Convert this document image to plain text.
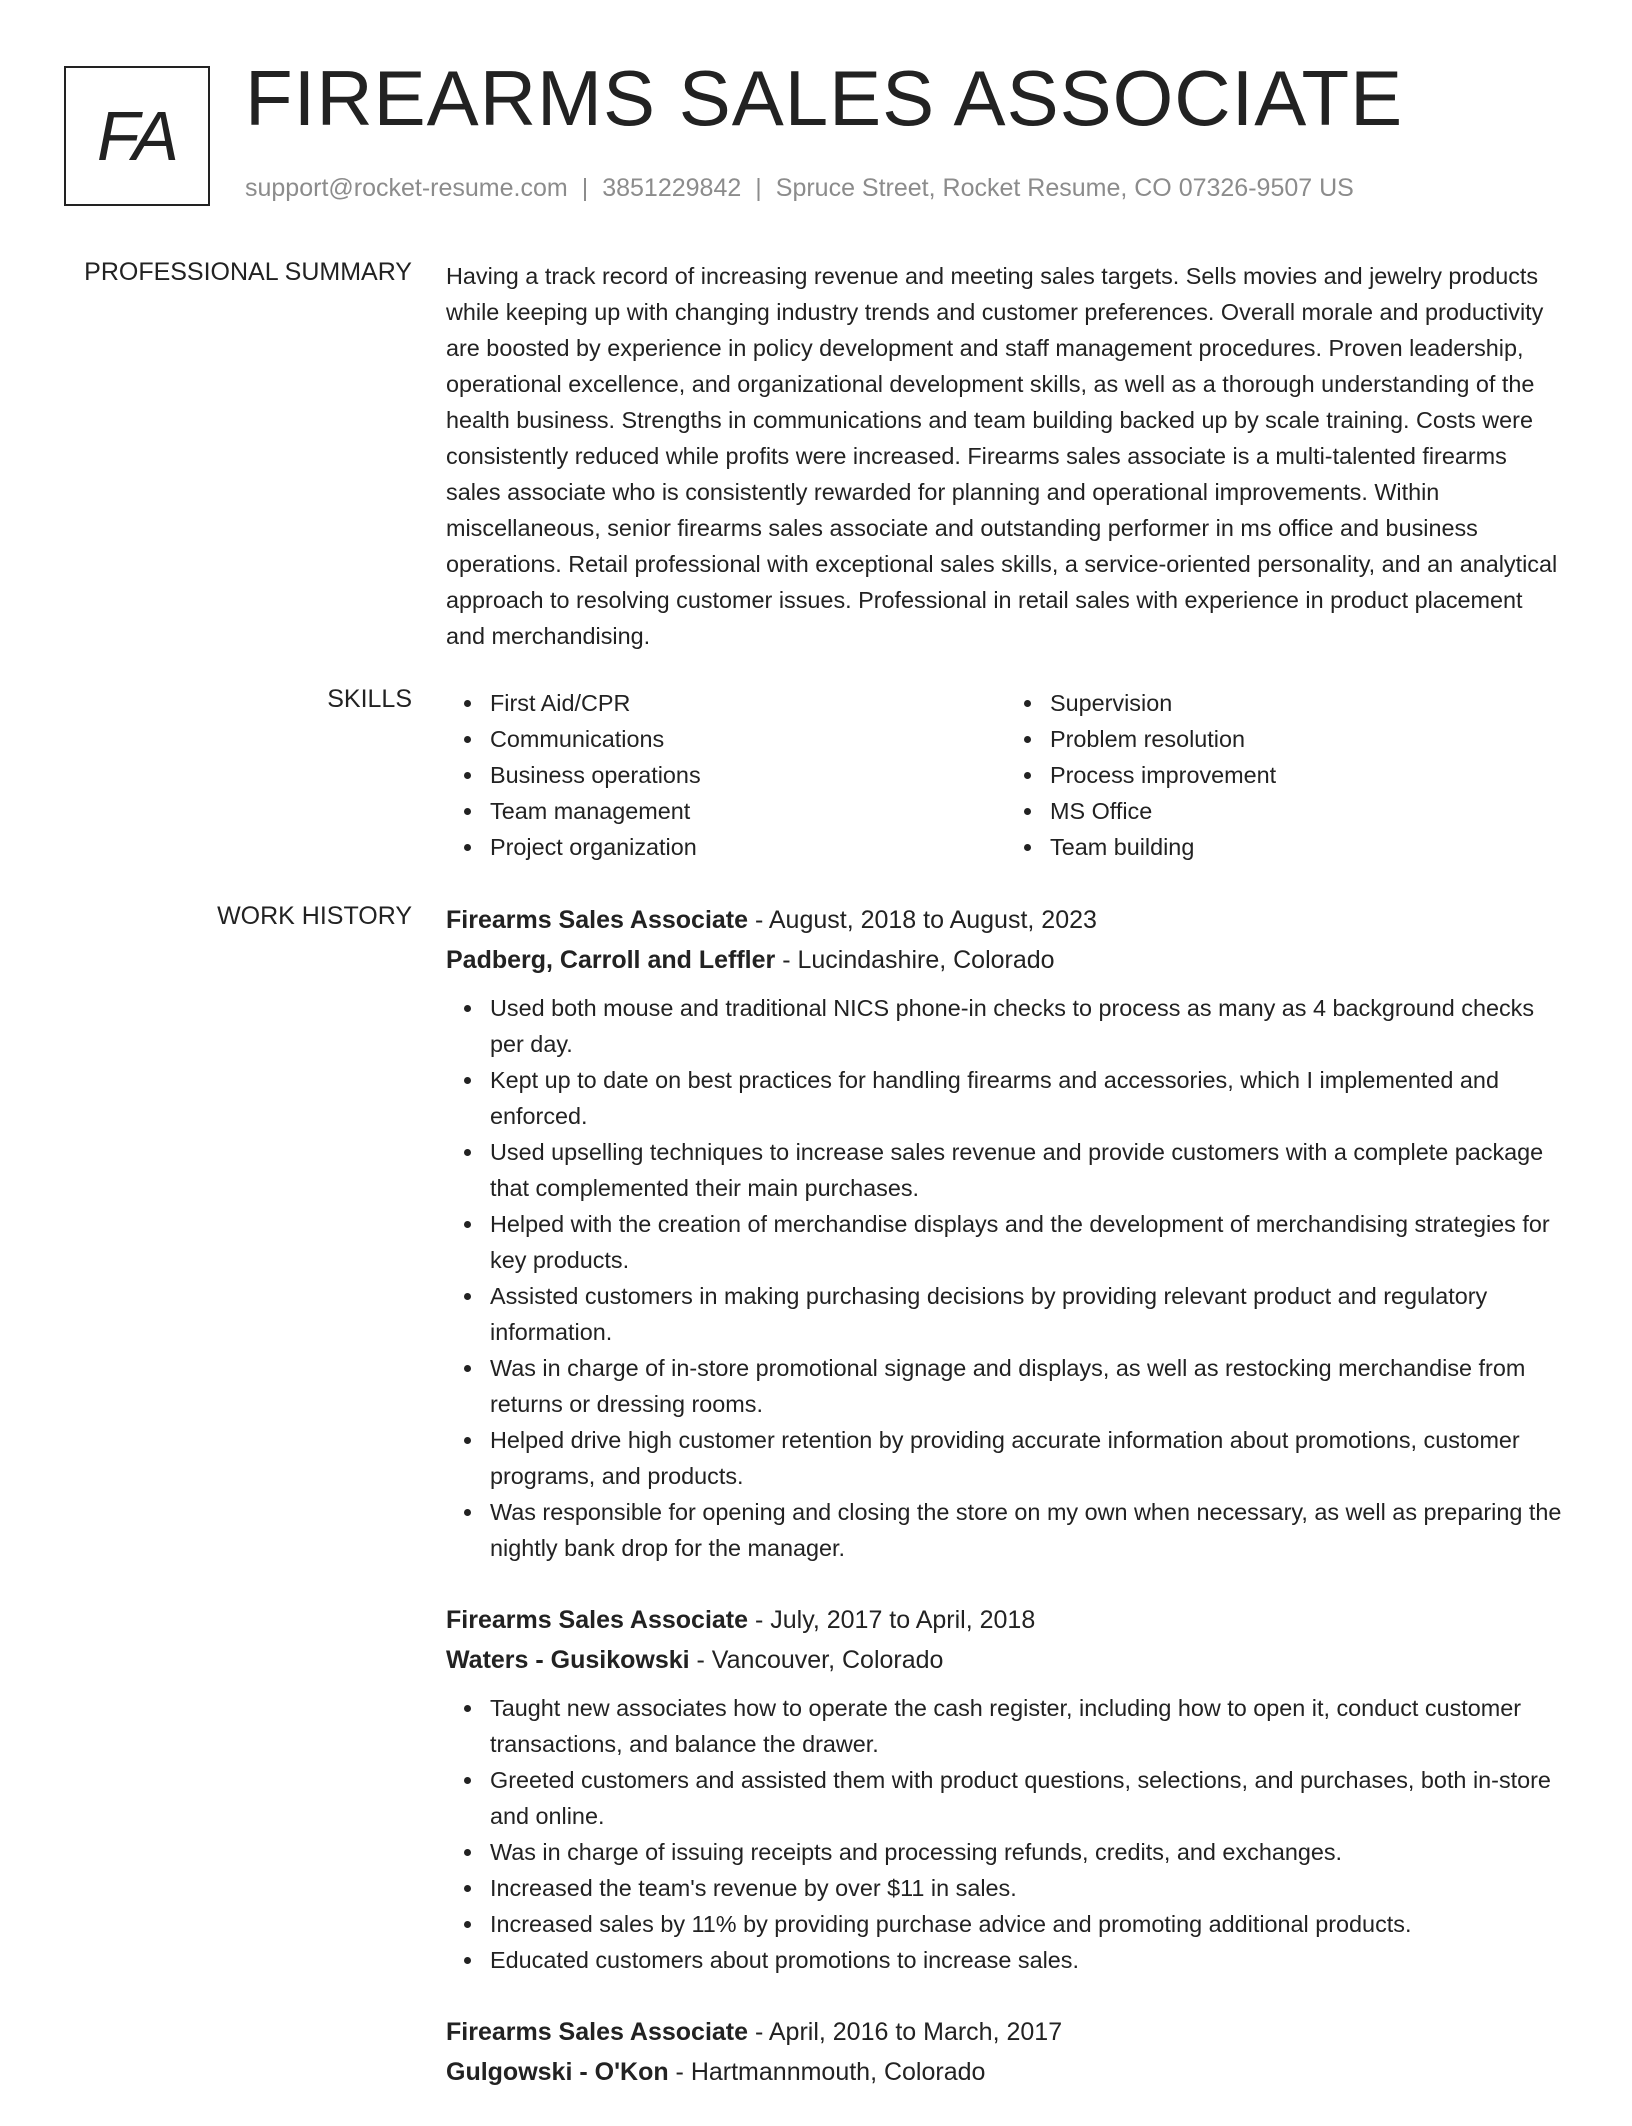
FA FIREARMS SALES ASSOCIATE
support@rocket-resume.com | 3851229842 | Spruce Street, Rocket Resume, CO 07326-9507 US
PROFESSIONAL SUMMARY Having a track record of increasing revenue and meeting sales targets. Sells movies and jewelry products while keeping up with changing industry trends and customer preferences. Overall morale and productivity are boosted by experience in policy development and staff management procedures. Proven leadership, operational excellence, and organizational development skills, as well as a thorough understanding of the health business. Strengths in communications and team building backed up by scale training. Costs were consistently reduced while profits were increased. Firearms sales associate is a multi-talented firearms sales associate who is consistently rewarded for planning and operational improvements. Within miscellaneous, senior firearms sales associate and outstanding performer in ms office and business operations. Retail professional with exceptional sales skills, a service-oriented personality, and an analytical approach to resolving customer issues. Professional in retail sales with experience in product placement and merchandising.

SKILLS	First Aid/CPR
Communications
Business operations
Team management
Project organization
Supervision
Problem resolution
Process improvement
MS Office
Team building
WORK HISTORY Firearms Sales Associate - August, 2018 to August, 2023
Padberg, Carroll and Leffler - Lucindashire, Colorado
Used both mouse and traditional NICS phone-in checks to process as many as 4 background checks per day.
Kept up to date on best practices for handling firearms and accessories, which I implemented and enforced.
Used upselling techniques to increase sales revenue and provide customers with a complete package that complemented their main purchases.
Helped with the creation of merchandise displays and the development of merchandising strategies for key products.
Assisted customers in making purchasing decisions by providing relevant product and regulatory information.
Was in charge of in-store promotional signage and displays, as well as restocking merchandise from returns or dressing rooms.
Helped drive high customer retention by providing accurate information about promotions, customer programs, and products.
Was responsible for opening and closing the store on my own when necessary, as well as preparing the nightly bank drop for the manager.
Firearms Sales Associate - July, 2017 to April, 2018
Waters - Gusikowski - Vancouver, Colorado
Taught new associates how to operate the cash register, including how to open it, conduct customer transactions, and balance the drawer.
Greeted customers and assisted them with product questions, selections, and purchases, both in-store and online.
Was in charge of issuing receipts and processing refunds, credits, and exchanges.
Increased the team's revenue by over $11 in sales.
Increased sales by 11% by providing purchase advice and promoting additional products.
Educated customers about promotions to increase sales.
Firearms Sales Associate - April, 2016 to March, 2017
Gulgowski - O'Kon - Hartmannmouth, Colorado
